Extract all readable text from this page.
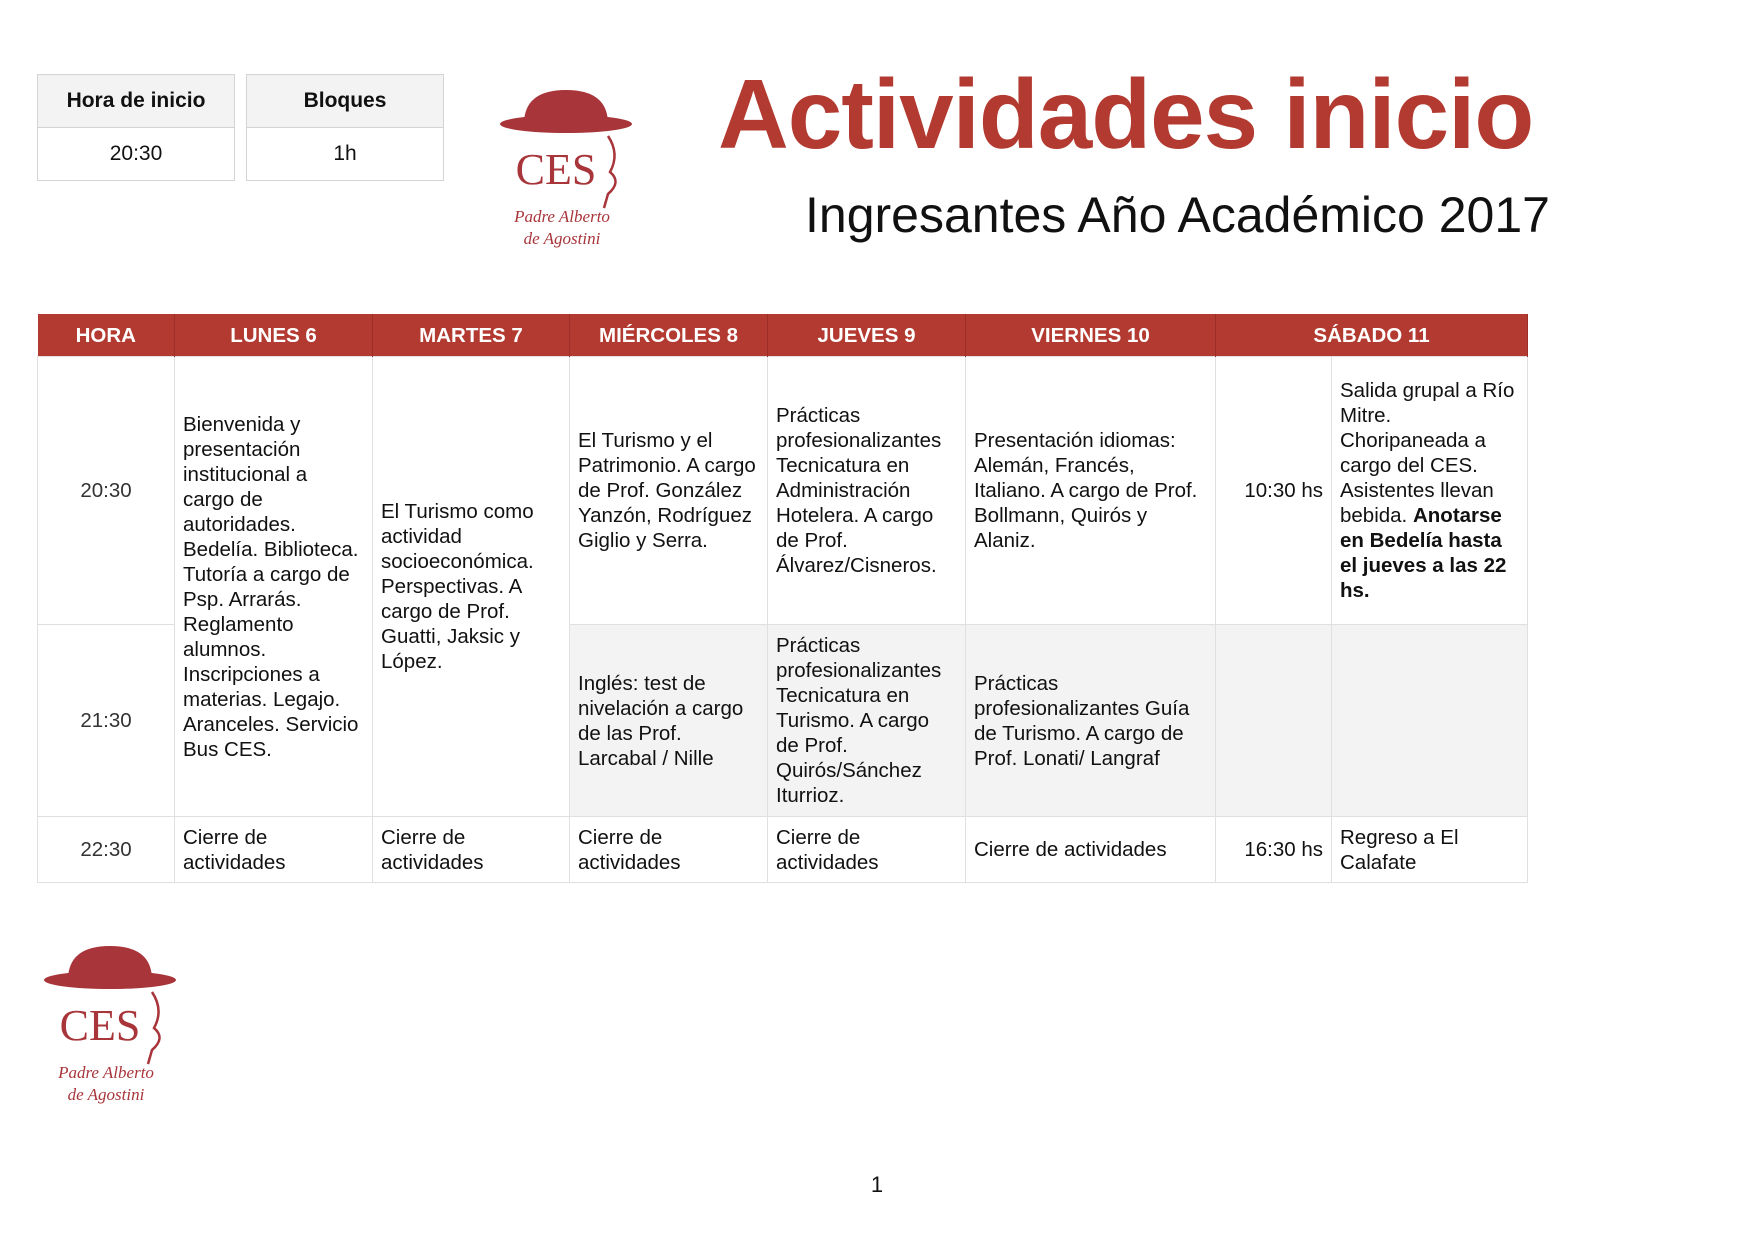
Hora de inicio
20:30
Bloques
1h	CES
Padre Alberto
de Agostini
Actividades inicio
Ingresantes Año Académico 2017
HORA	LUNES 6	MARTES 7	MIÉRCOLES 8	JUEVES 9	VIERNES 10	SÁBADO 11	
20:30	Bienvenida y presentación institucional a cargo de autoridades. Bedelía. Biblioteca. Tutoría a cargo de Psp. Arrarás. Reglamento alumnos. Inscripciones a materias. Legajo. Aranceles. Servicio Bus CES.	El Turismo como actividad socioeconómica. Perspectivas. A cargo de Prof. Guatti, Jaksic y López.	El Turismo y el Patrimonio. A cargo de Prof. González Yanzón, Rodríguez Giglio y Serra.	Prácticas profesionalizantes Tecnicatura en Administración Hotelera. A cargo de Prof. Álvarez/Cisneros.	Presentación idiomas: Alemán, Francés, Italiano. A cargo de Prof. Bollmann, Quirós y Alaniz.	10:30 hs	Salida grupal a Río Mitre. Choripaneada a cargo del CES. Asistentes llevan bebida. Anotarse en Bedelía hasta el jueves a las 22 hs.
21:30			Inglés: test de nivelación a cargo de las Prof. Larcabal / Nille	Prácticas profesionalizantes Tecnicatura en Turismo. A cargo de Prof. Quirós/Sánchez Iturrioz.	Prácticas profesionalizantes Guía de Turismo. A cargo de Prof. Lonati/ Langraf		
22:30	Cierre de actividades	Cierre de actividades	Cierre de actividades	Cierre de actividades	Cierre de actividades	16:30 hs	Regreso a El Calafate
CES
Padre Alberto
de Agostini
1
